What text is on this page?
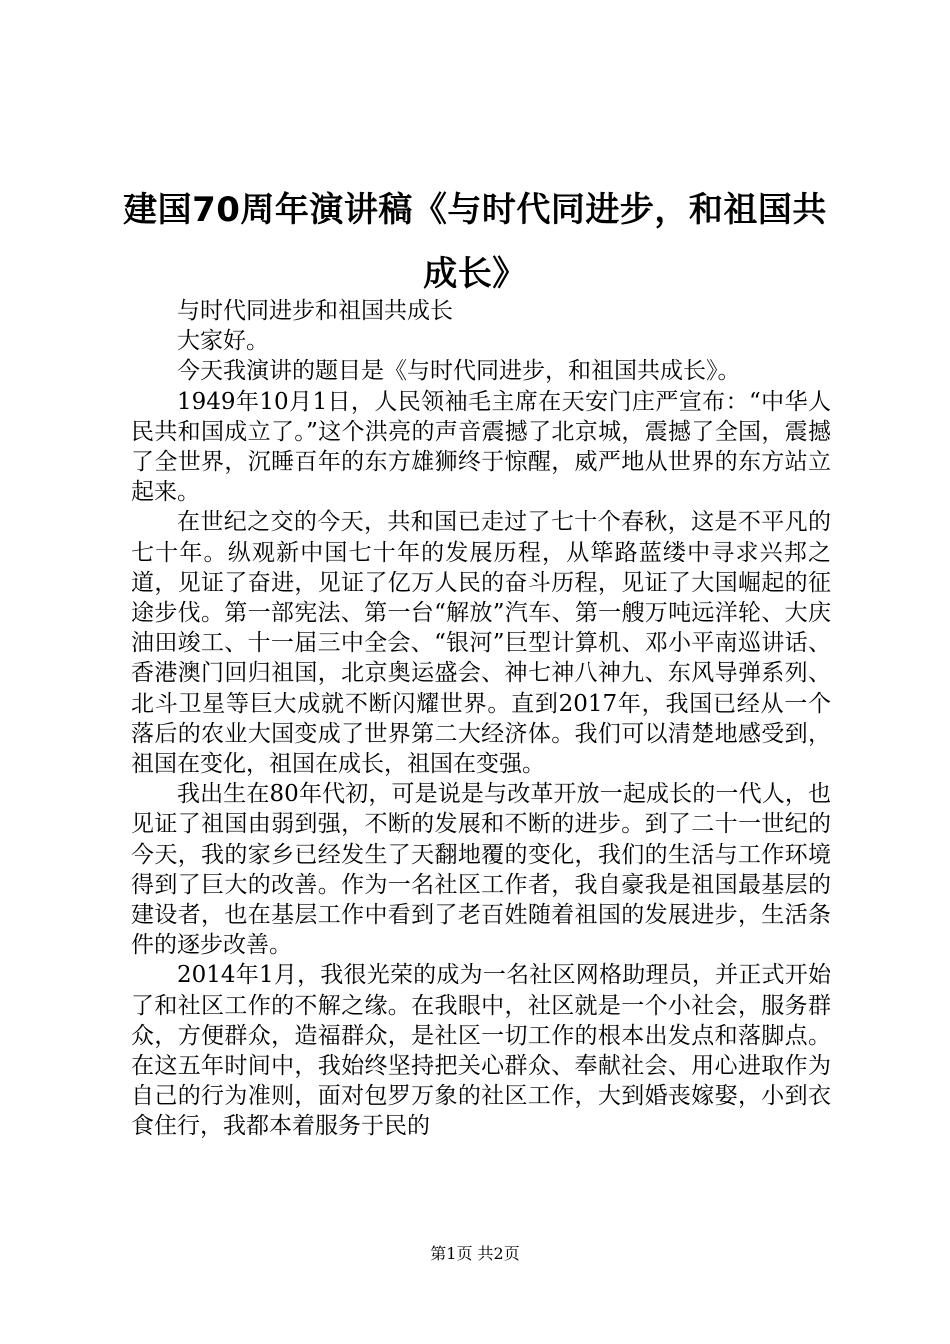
建国70周年演讲稿《与时代同进步，和祖国共成长》

与时代同进步和祖国共成长

大家好。

今天我演讲的题目是《与时代同进步，和祖国共成长》。

1949年10月1日，人民领袖毛主席在天安门庄严宣布：“中华人民共和国成立了。”这个洪亮的声音震撼了北京城，震撼了全国，震撼了全世界，沉睡百年的东方雄狮终于惊醒，威严地从世界的东方站立起来。

在世纪之交的今天，共和国已走过了七十个春秋，这是不平凡的七十年。纵观新中国七十年的发展历程，从筚路蓝缕中寻求兴邦之道，见证了奋进，见证了亿万人民的奋斗历程，见证了大国崛起的征途步伐。第一部宪法、第一台“解放”汽车、第一艘万吨远洋轮、大庆油田竣工、十一届三中全会、“银河”巨型计算机、邓小平南巡讲话、香港澳门回归祖国，北京奥运盛会、神七神八神九、东风导弹系列、北斗卫星等巨大成就不断闪耀世界。直到2017年，我国已经从一个落后的农业大国变成了世界第二大经济体。我们可以清楚地感受到，祖国在变化，祖国在成长，祖国在变强。

我出生在80年代初，可是说是与改革开放一起成长的一代人，也见证了祖国由弱到强，不断的发展和不断的进步。到了二十一世纪的今天，我的家乡已经发生了天翻地覆的变化，我们的生活与工作环境得到了巨大的改善。作为一名社区工作者，我自豪我是祖国最基层的建设者，也在基层工作中看到了老百姓随着祖国的发展进步，生活条件的逐步改善。

2014年1月，我很光荣的成为一名社区网格助理员，并正式开始了和社区工作的不解之缘。在我眼中，社区就是一个小社会，服务群众，方便群众，造福群众，是社区一切工作的根本出发点和落脚点。在这五年时间中，我始终坚持把关心群众、奉献社会、用心进取作为自己的行为准则，面对包罗万象的社区工作，大到婚丧嫁娶，小到衣食住行，我都本着服务于民的

第1页 共2页
